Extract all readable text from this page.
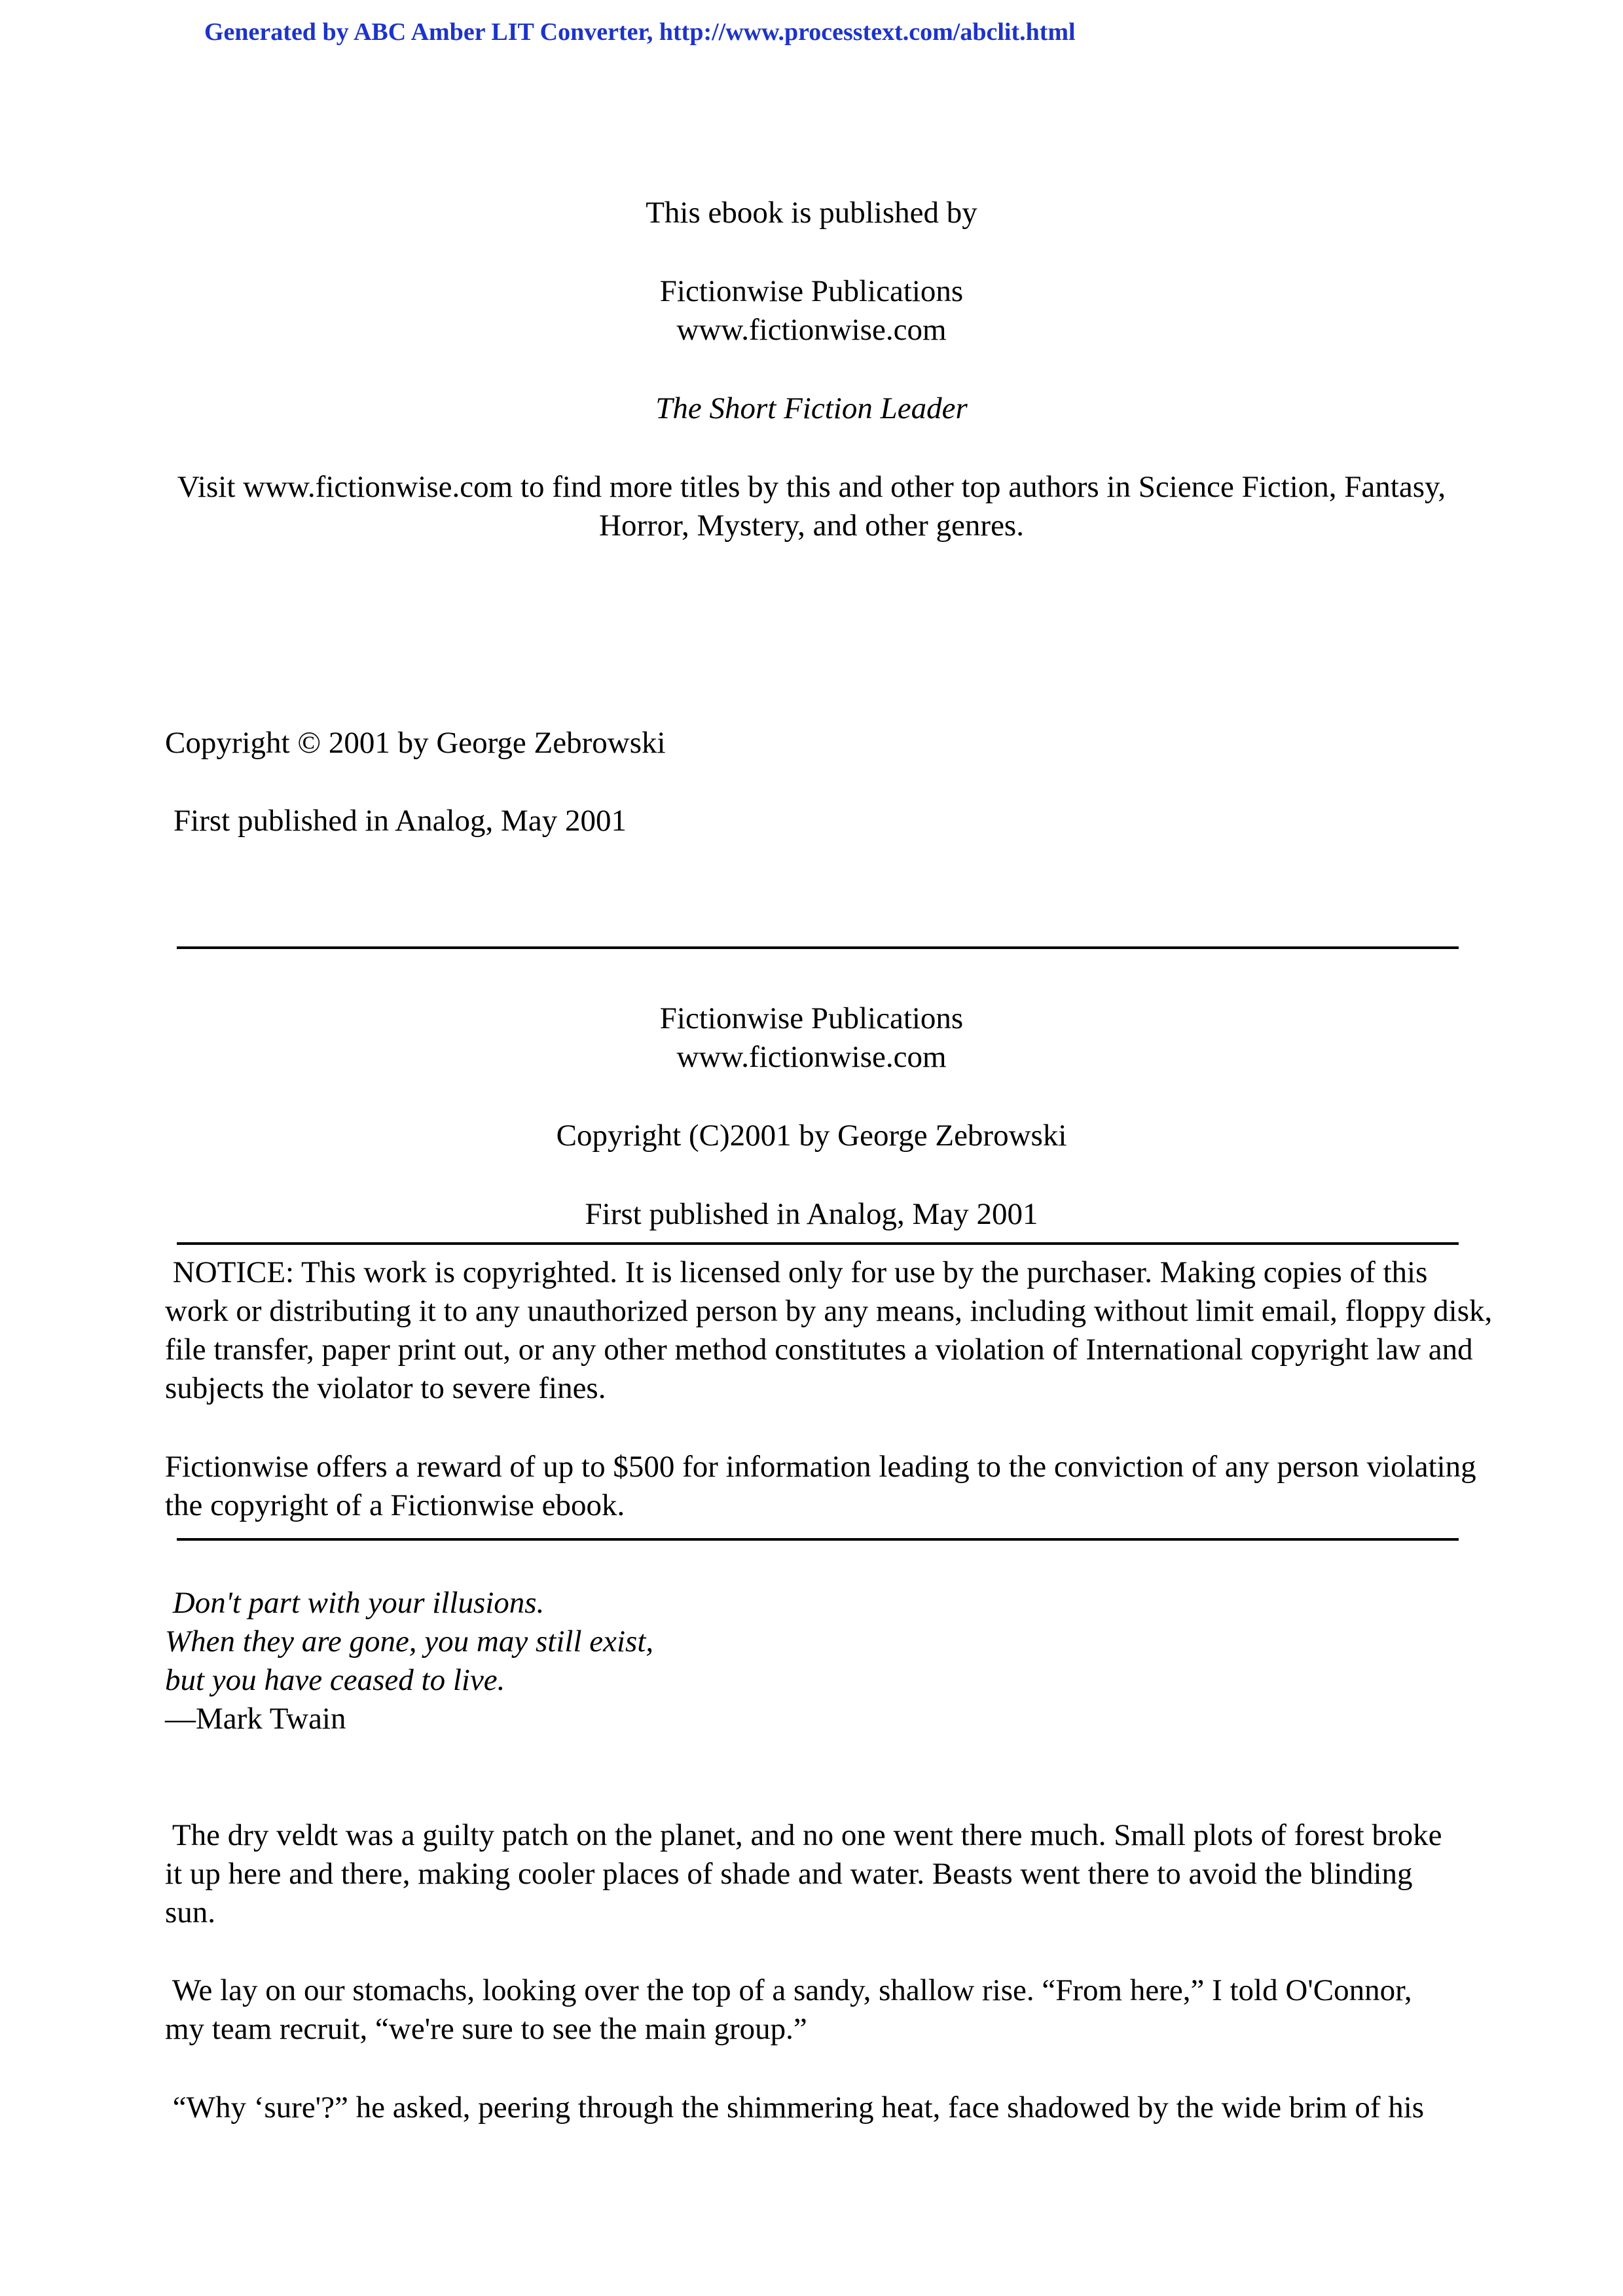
Generated by ABC Amber LIT Converter, http://www.processtext.com/abclit.html
This ebook is published by
Fictionwise Publications
www.fictionwise.com
The Short Fiction Leader
Visit www.fictionwise.com to find more titles by this and other top authors in Science Fiction, Fantasy,
Horror, Mystery, and other genres.
Copyright © 2001 by George Zebrowski
First published in Analog, May 2001
Fictionwise Publications
www.fictionwise.com
Copyright (C)2001 by George Zebrowski
First published in Analog, May 2001
NOTICE: This work is copyrighted. It is licensed only for use by the purchaser. Making copies of this
work or distributing it to any unauthorized person by any means, including without limit email, floppy disk,
file transfer, paper print out, or any other method constitutes a violation of International copyright law and
subjects the violator to severe fines.
Fictionwise offers a reward of up to $500 for information leading to the conviction of any person violating
the copyright of a Fictionwise ebook.
Don't part with your illusions.
When they are gone, you may still exist,
but you have ceased to live.
—Mark Twain
The dry veldt was a guilty patch on the planet, and no one went there much. Small plots of forest broke
it up here and there, making cooler places of shade and water. Beasts went there to avoid the blinding
sun.
We lay on our stomachs, looking over the top of a sandy, shallow rise. “From here,” I told O'Connor,
my team recruit, “we're sure to see the main group.”
“Why ‘sure'?” he asked, peering through the shimmering heat, face shadowed by the wide brim of his
